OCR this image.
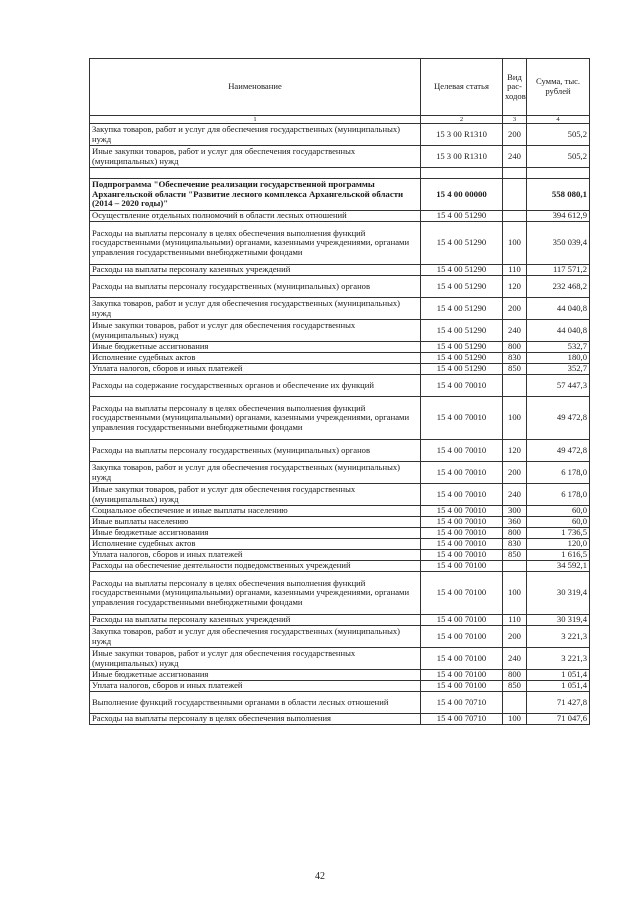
Наименование	Целевая статья	Вид рас-ходов	Сумма, тыс. рублей
1	2	3	4
Закупка товаров, работ и услуг для обеспечения государственных (муниципальных) нужд	15 3 00 R1310	200	505,2
Иные закупки товаров, работ и услуг для обеспечения государственных (муниципальных) нужд	15 3 00 R1310	240	505,2

Подпрограмма "Обеспечение реализации государственной программы Архангельской области "Развитие лесного комплекса Архангельской области (2014 – 2020 годы)"	15 4 00 00000		558 080,1
Осуществление отдельных полномочий в области лесных отношений	15 4 00 51290		394 612,9
Расходы на выплаты персоналу в целях обеспечения выполнения функций государственными (муниципальными) органами, казенными учреждениями, органами управления государственными внебюджетными фондами	15 4 00 51290	100	350 039,4
Расходы на выплаты персоналу казенных учреждений	15 4 00 51290	110	117 571,2
Расходы на выплаты персоналу государственных (муниципальных) органов	15 4 00 51290	120	232 468,2
Закупка товаров, работ и услуг для обеспечения государственных (муниципальных) нужд	15 4 00 51290	200	44 040,8
Иные закупки товаров, работ и услуг для обеспечения государственных (муниципальных) нужд	15 4 00 51290	240	44 040,8
Иные бюджетные ассигнования	15 4 00 51290	800	532,7
Исполнение судебных актов	15 4 00 51290	830	180,0
Уплата налогов, сборов и иных платежей	15 4 00 51290	850	352,7
Расходы на содержание государственных органов и обеспечение их функций	15 4 00 70010		57 447,3
Расходы на выплаты персоналу в целях обеспечения выполнения функций государственными (муниципальными) органами, казенными учреждениями, органами управления государственными внебюджетными фондами	15 4 00 70010	100	49 472,8
Расходы на выплаты персоналу государственных (муниципальных) органов	15 4 00 70010	120	49 472,8
Закупка товаров, работ и услуг для обеспечения государственных (муниципальных) нужд	15 4 00 70010	200	6 178,0
Иные закупки товаров, работ и услуг для обеспечения государственных (муниципальных) нужд	15 4 00 70010	240	6 178,0
Социальное обеспечение и иные выплаты населению	15 4 00 70010	300	60,0
Иные выплаты населению	15 4 00 70010	360	60,0
Иные бюджетные ассигнования	15 4 00 70010	800	1 736,5
Исполнение судебных актов	15 4 00 70010	830	120,0
Уплата налогов, сборов и иных платежей	15 4 00 70010	850	1 616,5
Расходы на обеспечение деятельности подведомственных учреждений	15 4 00 70100		34 592,1
Расходы на выплаты персоналу в целях обеспечения выполнения функций государственными (муниципальными) органами, казенными учреждениями, органами управления государственными внебюджетными фондами	15 4 00 70100	100	30 319,4
Расходы на выплаты персоналу казенных учреждений	15 4 00 70100	110	30 319,4
Закупка товаров, работ и услуг для обеспечения государственных (муниципальных) нужд	15 4 00 70100	200	3 221,3
Иные закупки товаров, работ и услуг для обеспечения государственных (муниципальных) нужд	15 4 00 70100	240	3 221,3
Иные бюджетные ассигнования	15 4 00 70100	800	1 051,4
Уплата налогов, сборов и иных платежей	15 4 00 70100	850	1 051,4
Выполнение функций государственными органами в области лесных отношений	15 4 00 70710		71 427,8
Расходы на выплаты персоналу в целях обеспечения выполнения	15 4 00 70710	100	71 047,6
42
